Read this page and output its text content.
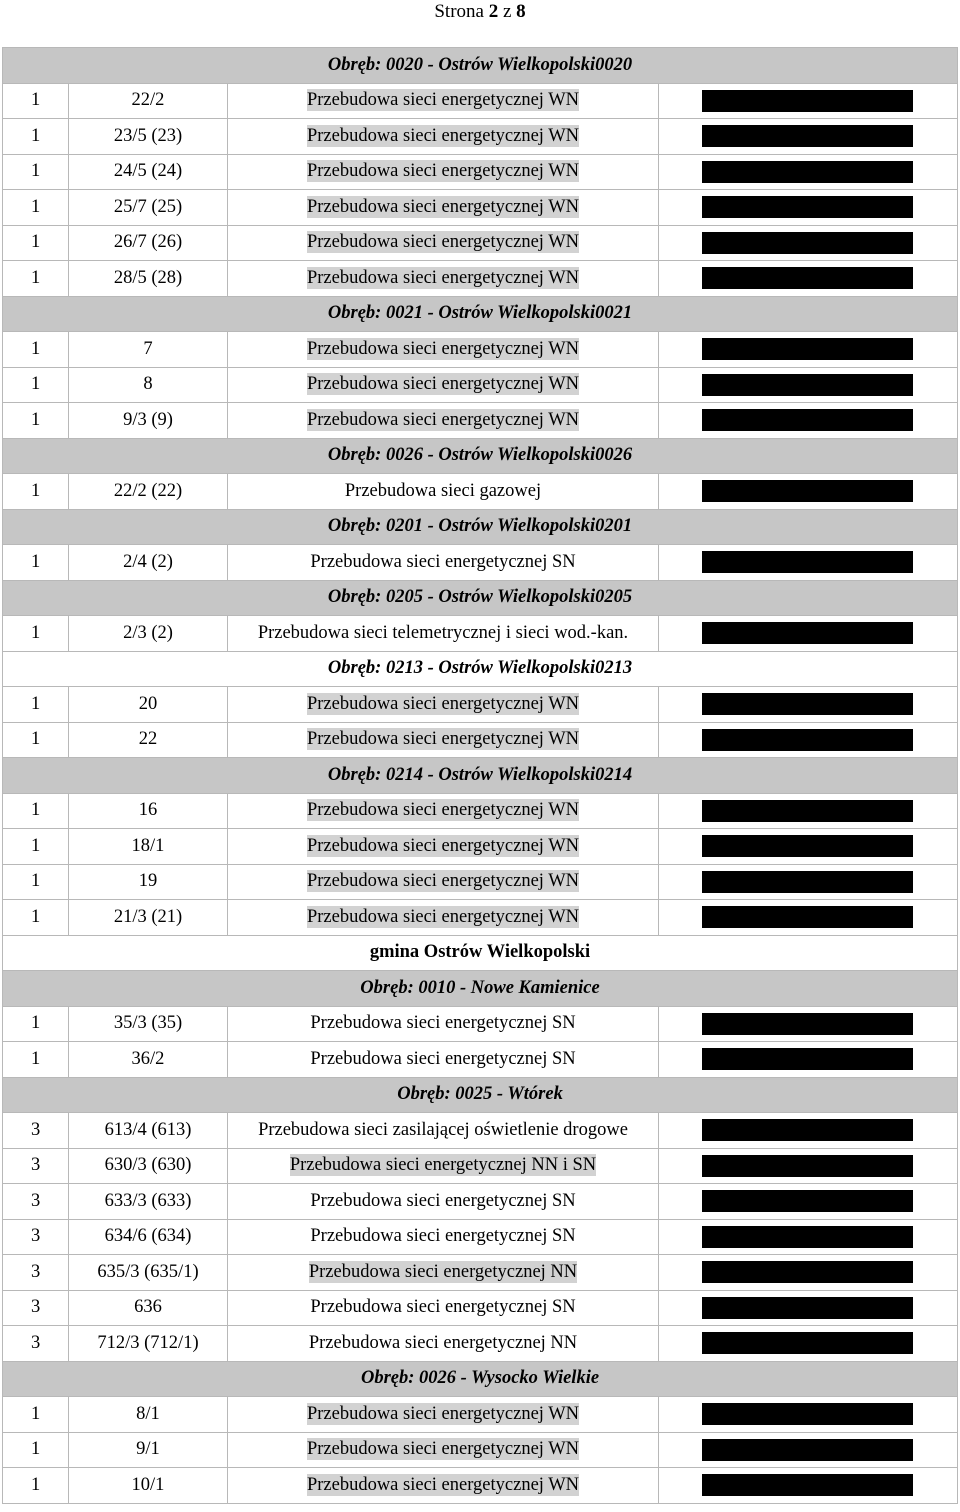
Strona 2 z 8
Obręb: 0020 - Ostrów Wielkopolski0020			
1	22/2	Przebudowa sieci energetycznej WN	

1	23/5 (23)	Przebudowa sieci energetycznej WN	

1	24/5 (24)	Przebudowa sieci energetycznej WN	

1	25/7 (25)	Przebudowa sieci energetycznej WN	

1	26/7 (26)	Przebudowa sieci energetycznej WN	

1	28/5 (28)	Przebudowa sieci energetycznej WN	

Obręb: 0021 - Ostrów Wielkopolski0021			
1	7	Przebudowa sieci energetycznej WN	

1	8	Przebudowa sieci energetycznej WN	

1	9/3 (9)	Przebudowa sieci energetycznej WN	

Obręb: 0026 - Ostrów Wielkopolski0026			
1	22/2 (22)	Przebudowa sieci gazowej	

Obręb: 0201 - Ostrów Wielkopolski0201			
1	2/4 (2)	Przebudowa sieci energetycznej SN	

Obręb: 0205 - Ostrów Wielkopolski0205			
1	2/3 (2)	Przebudowa sieci telemetrycznej i sieci wod.-kan.	

Obręb: 0213 - Ostrów Wielkopolski0213			
1	20	Przebudowa sieci energetycznej WN	

1	22	Przebudowa sieci energetycznej WN	

Obręb: 0214 - Ostrów Wielkopolski0214			
1	16	Przebudowa sieci energetycznej WN	

1	18/1	Przebudowa sieci energetycznej WN	

1	19	Przebudowa sieci energetycznej WN	

1	21/3 (21)	Przebudowa sieci energetycznej WN	

gmina Ostrów Wielkopolski			
Obręb: 0010 - Nowe Kamienice			
1	35/3 (35)	Przebudowa sieci energetycznej SN	

1	36/2	Przebudowa sieci energetycznej SN	

Obręb: 0025 - Wtórek			
3	613/4 (613)	Przebudowa sieci zasilającej oświetlenie drogowe	

3	630/3 (630)	Przebudowa sieci energetycznej NN i SN	

3	633/3 (633)	Przebudowa sieci energetycznej SN	

3	634/6 (634)	Przebudowa sieci energetycznej SN	

3	635/3 (635/1)	Przebudowa sieci energetycznej NN	

3	636	Przebudowa sieci energetycznej SN	

3	712/3 (712/1)	Przebudowa sieci energetycznej NN	

Obręb: 0026 - Wysocko Wielkie			
1	8/1	Przebudowa sieci energetycznej WN	

1	9/1	Przebudowa sieci energetycznej WN	

1	10/1	Przebudowa sieci energetycznej WN	
